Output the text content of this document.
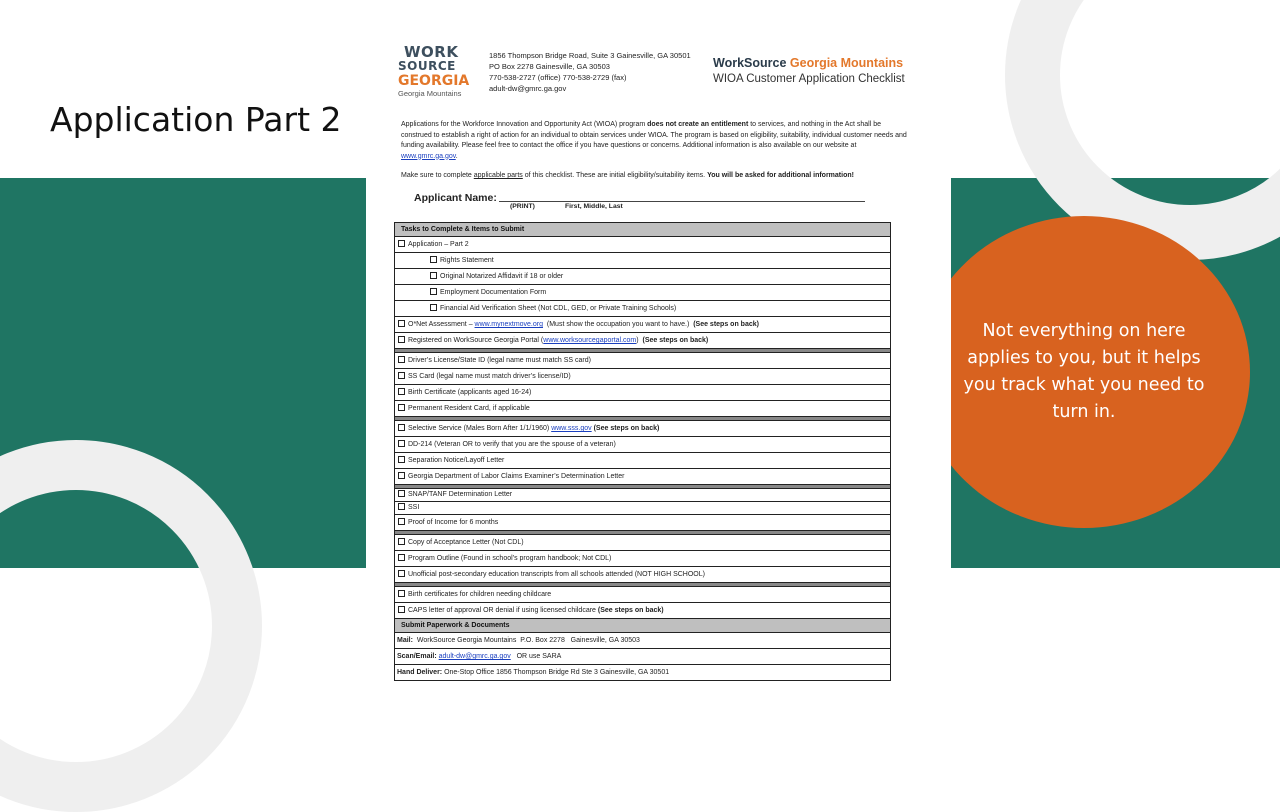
Application Part 2
Not everything on here applies to you, but it helps you track what you need to turn in.
WORK
SOURCE
GEORGIA
Georgia Mountains
1856 Thompson Bridge Road, Suite 3 Gainesville, GA 30501
PO Box 2278 Gainesville, GA 30503
770-538-2727 (office) 770-538-2729 (fax)
adult-dw@gmrc.ga.gov
WorkSource Georgia Mountains
WIOA Customer Application Checklist
Applications for the Workforce Innovation and Opportunity Act (WIOA) program does not create an entitlement to services, and nothing in the Act shall be construed to establish a right of action for an individual to obtain services under WIOA. The program is based on eligibility, suitability, individual customer needs and funding availability. Please feel free to contact the office if you have questions or concerns. Additional information is also available on our website at www.gmrc.ga.gov.
Make sure to complete applicable parts of this checklist. These are initial eligibility/suitability items. You will be asked for additional information!
Applicant Name:
(PRINT)	First, Middle, Last
Tasks to Complete & Items to Submit
Application – Part 2
Rights Statement
Original Notarized Affidavit if 18 or older
Employment Documentation Form
Financial Aid Verification Sheet (Not CDL, GED, or Private Training Schools)
O*Net Assessment – www.mynextmove.org  (Must show the occupation you want to have.)  (See steps on back)
Registered on WorkSource Georgia Portal (www.worksourcegaportal.com)  (See steps on back)
Driver’s License/State ID (legal name must match SS card)
SS Card (legal name must match driver’s license/ID)
Birth Certificate (applicants aged 16-24)
Permanent Resident Card, if applicable
Selective Service (Males Born After 1/1/1960) www.sss.gov (See steps on back)
DD-214 (Veteran OR to verify that you are the spouse of a veteran)
Separation Notice/Layoff Letter
Georgia Department of Labor Claims Examiner’s Determination Letter
SNAP/TANF Determination Letter
SSI
Proof of Income for 6 months
Copy of Acceptance Letter (Not CDL)
Program Outline (Found in school’s program handbook; Not CDL)
Unofficial post-secondary education transcripts from all schools attended (NOT HIGH SCHOOL)
Birth certificates for children needing childcare
CAPS letter of approval OR denial if using licensed childcare (See steps on back)
Submit Paperwork & Documents
Mail:  WorkSource Georgia Mountains  P.O. Box 2278   Gainesville, GA 30503
Scan/Email: adult-dw@gmrc.ga.gov   OR use SARA
Hand Deliver: One-Stop Office 1856 Thompson Bridge Rd Ste 3 Gainesville, GA 30501
